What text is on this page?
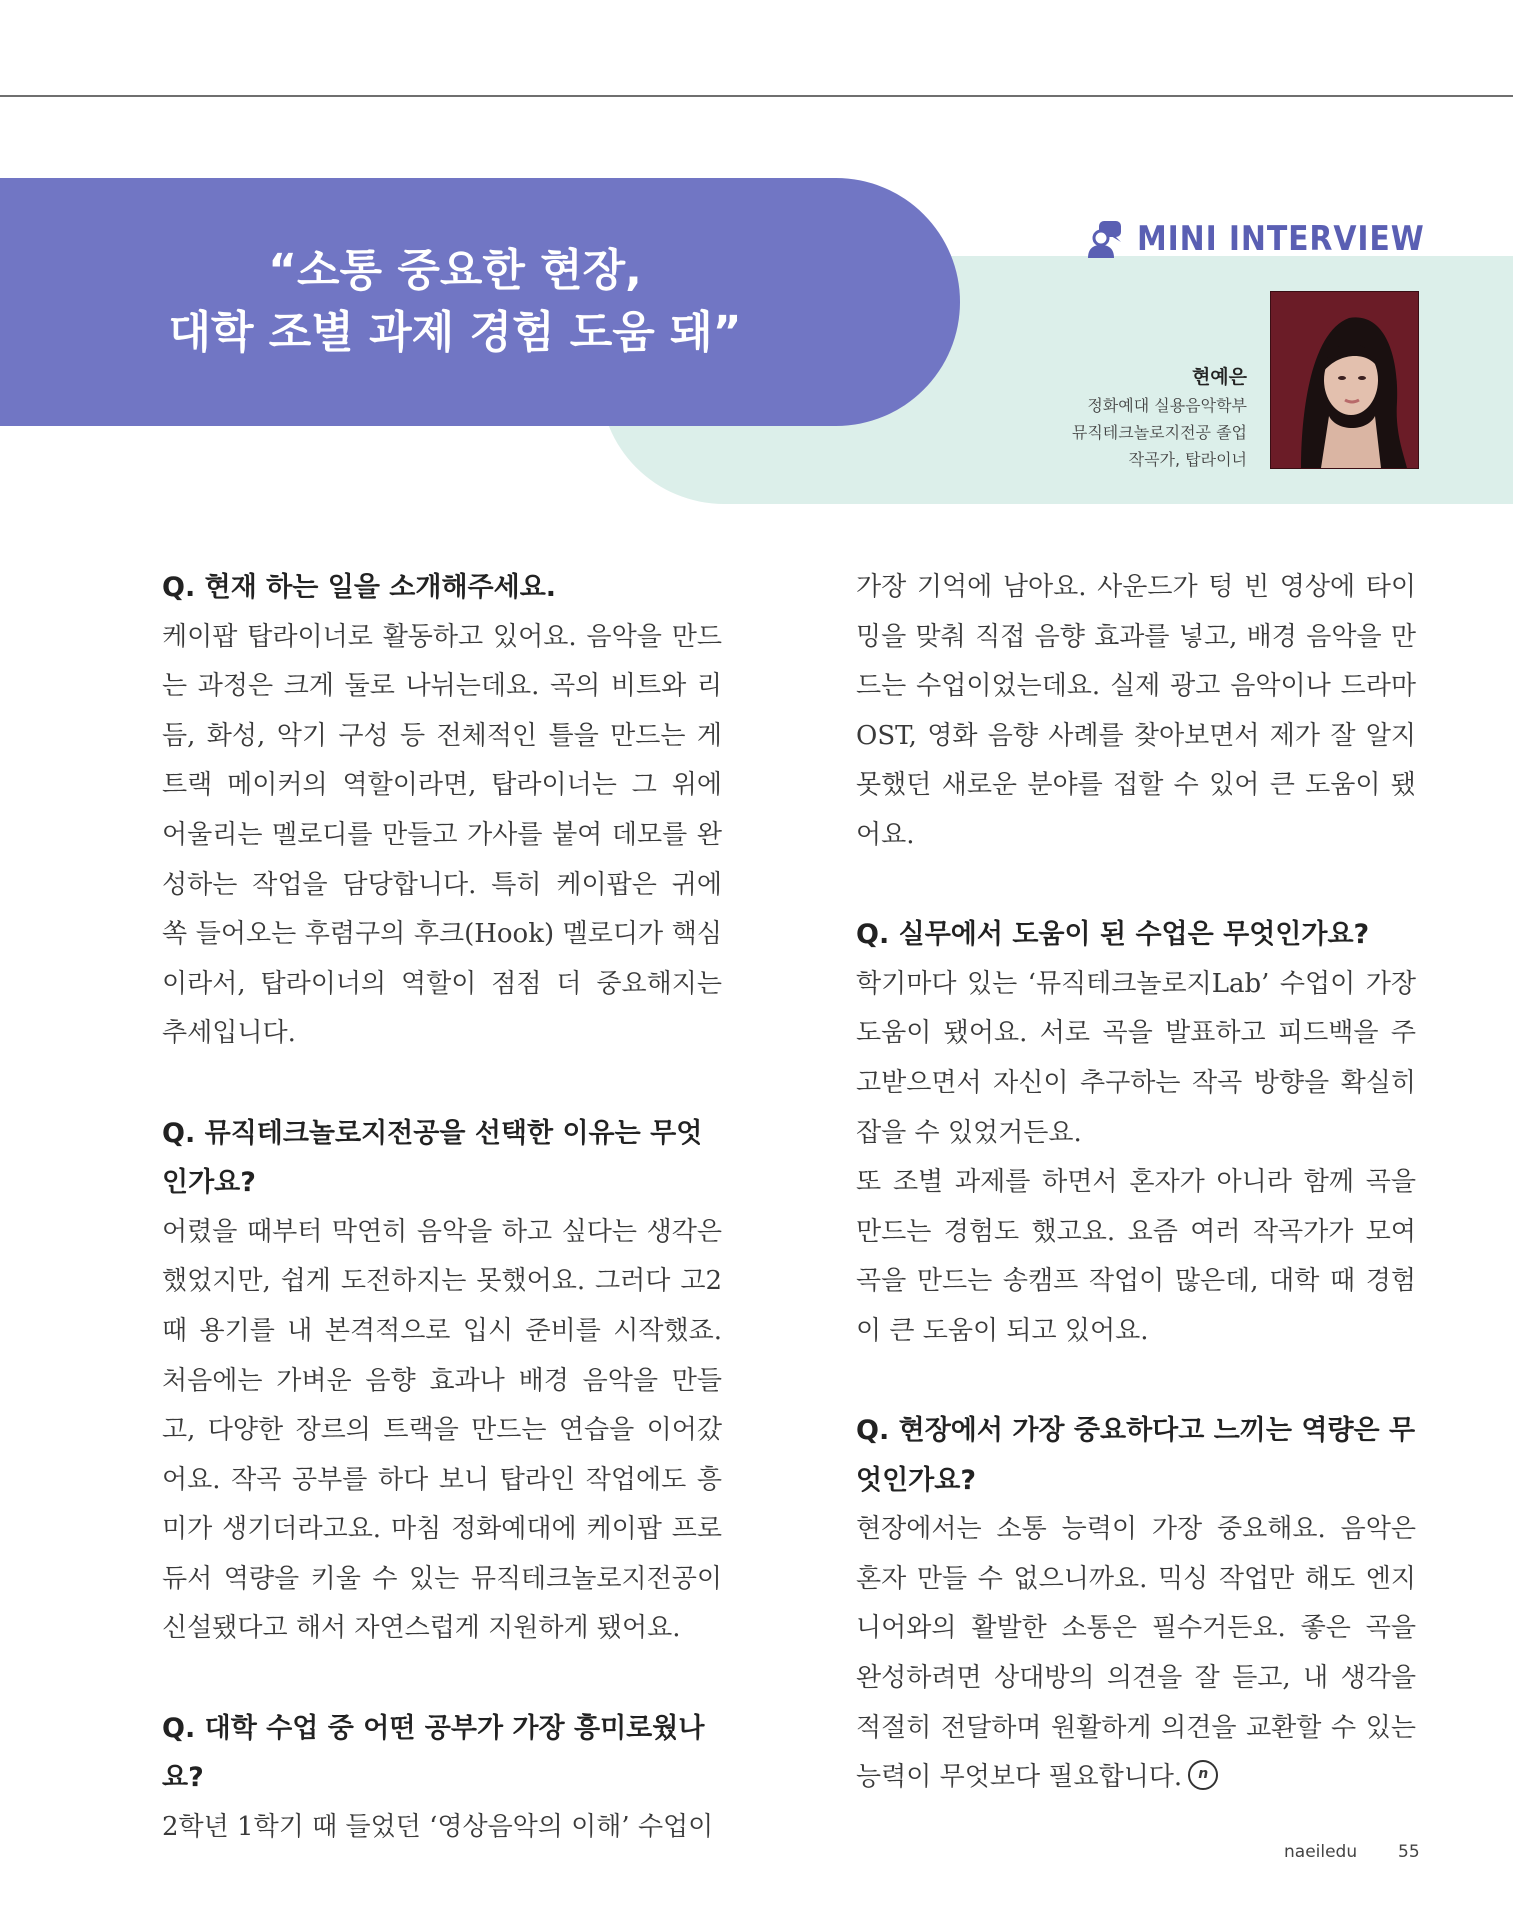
“소통 중요한 현장,
대학 조별 과제 경험 도움 돼”
MINI INTERVIEW
현예은
정화예대 실용음악학부
뮤직테크놀로지전공 졸업
작곡가, 탑라이너
Q. 현재 하는 일을 소개해주세요.

케이팝 탑라이너로 활동하고 있어요. 음악을 만드는 과정은 크게 둘로 나뉘는데요. 곡의 비트와 리듬, 화성, 악기 구성 등 전체적인 틀을 만드는 게 트랙 메이커의 역할이라면, 탑라이너는 그 위에 어울리는 멜로디를 만들고 가사를 붙여 데모를 완성하는 작업을 담당합니다. 특히 케이팝은 귀에 쏙 들어오는 후렴구의 후크(Hook) 멜로디가 핵심이라서, 탑라이너의 역할이 점점 더 중요해지는 추세입니다.

Q. 뮤직테크놀로지전공을 선택한 이유는 무엇인가요?

어렸을 때부터 막연히 음악을 하고 싶다는 생각은 했었지만, 쉽게 도전하지는 못했어요. 그러다 고2 때 용기를 내 본격적으로 입시 준비를 시작했죠. 처음에는 가벼운 음향 효과나 배경 음악을 만들고, 다양한 장르의 트랙을 만드는 연습을 이어갔어요. 작곡 공부를 하다 보니 탑라인 작업에도 흥미가 생기더라고요. 마침 정화예대에 케이팝 프로듀서 역량을 키울 수 있는 뮤직테크놀로지전공이 신설됐다고 해서 자연스럽게 지원하게 됐어요.

Q. 대학 수업 중 어떤 공부가 가장 흥미로웠나요?

2학년 1학기 때 들었던 ‘영상음악의 이해’ 수업이

가장 기억에 남아요. 사운드가 텅 빈 영상에 타이밍을 맞춰 직접 음향 효과를 넣고, 배경 음악을 만드는 수업이었는데요. 실제 광고 음악이나 드라마 OST, 영화 음향 사례를 찾아보면서 제가 잘 알지 못했던 새로운 분야를 접할 수 있어 큰 도움이 됐어요.

Q. 실무에서 도움이 된 수업은 무엇인가요?

학기마다 있는 ‘뮤직테크놀로지Lab’ 수업이 가장 도움이 됐어요. 서로 곡을 발표하고 피드백을 주고받으면서 자신이 추구하는 작곡 방향을 확실히 잡을 수 있었거든요.

또 조별 과제를 하면서 혼자가 아니라 함께 곡을 만드는 경험도 했고요. 요즘 여러 작곡가가 모여 곡을 만드는 송캠프 작업이 많은데, 대학 때 경험이 큰 도움이 되고 있어요.

Q. 현장에서 가장 중요하다고 느끼는 역량은 무엇인가요?

현장에서는 소통 능력이 가장 중요해요. 음악은 혼자 만들 수 없으니까요. 믹싱 작업만 해도 엔지니어와의 활발한 소통은 필수거든요. 좋은 곡을 완성하려면 상대방의 의견을 잘 듣고, 내 생각을 적절히 전달하며 원활하게 의견을 교환할 수 있는 능력이 무엇보다 필요합니다. n

naeiledu 55
